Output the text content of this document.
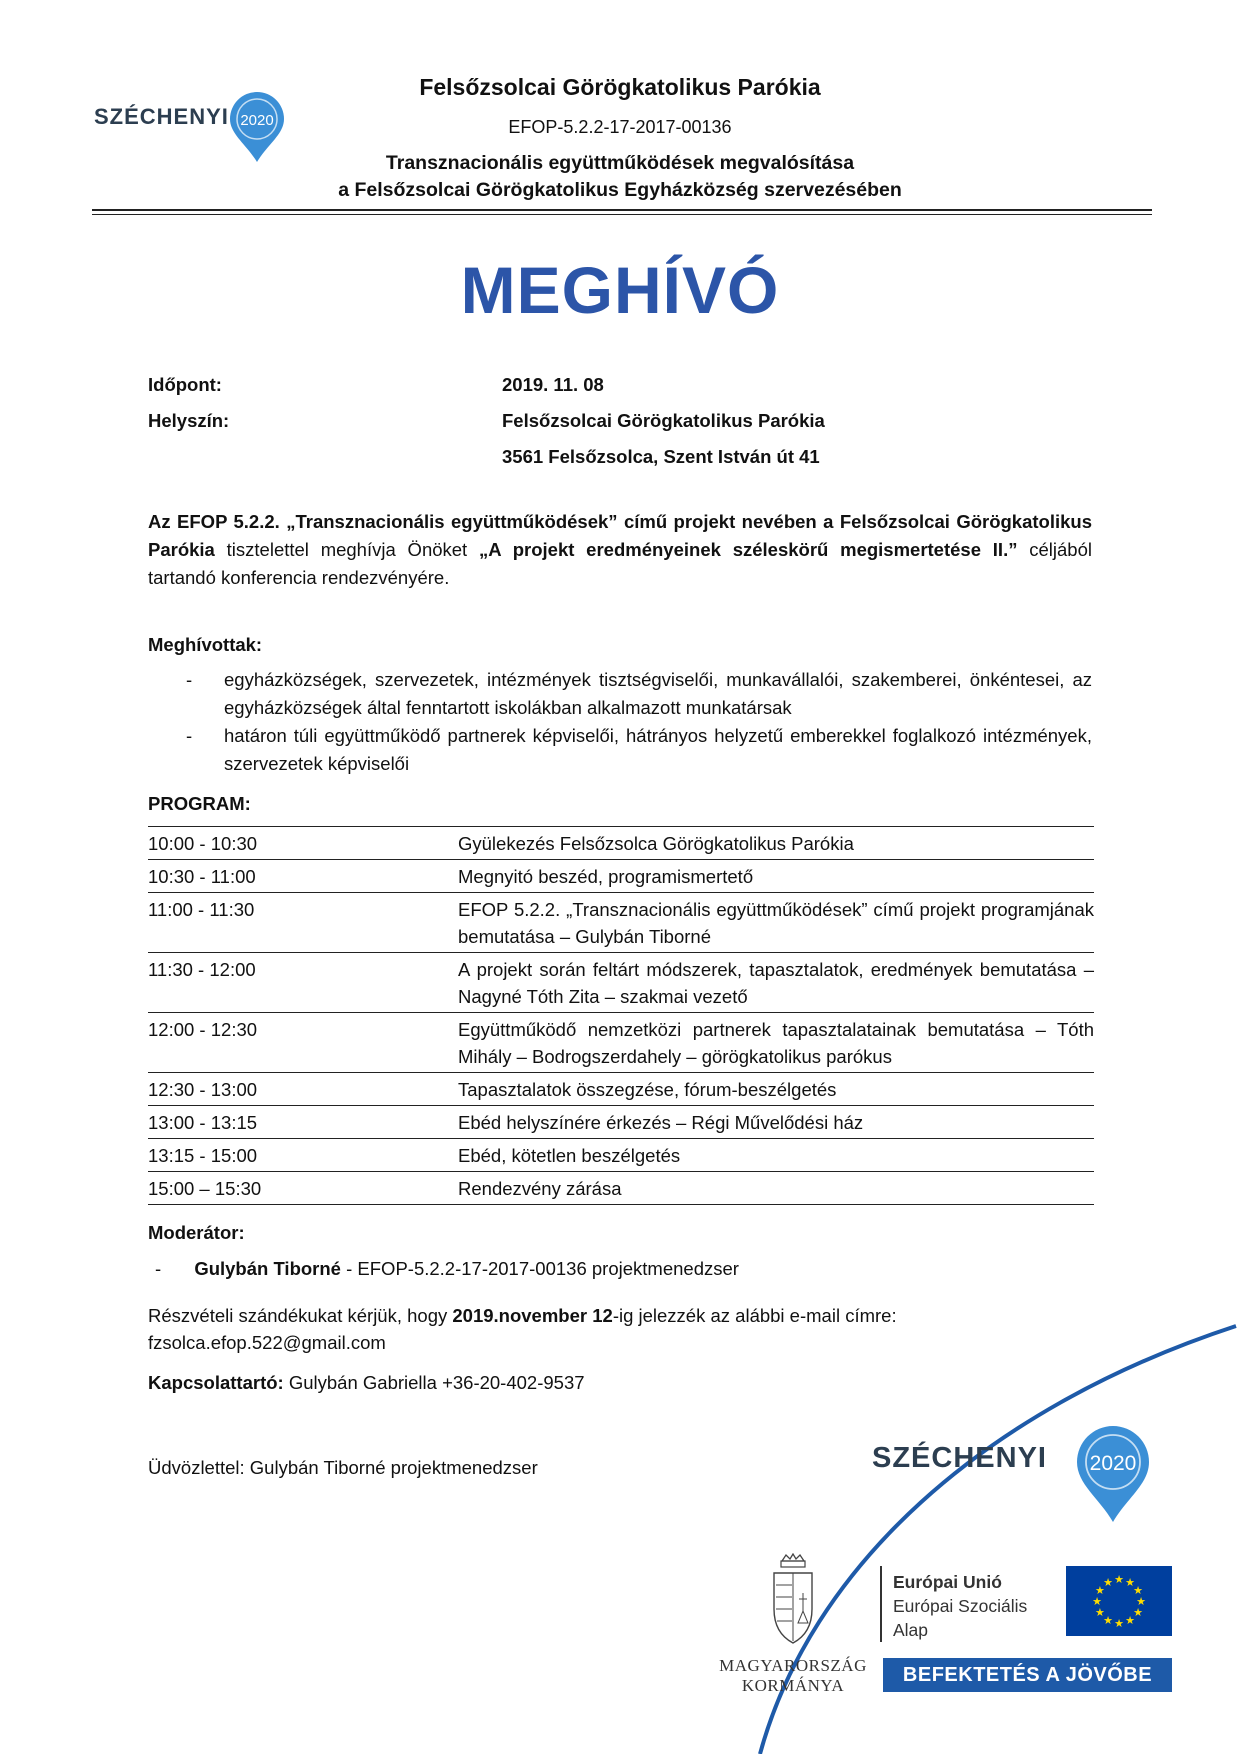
SZÉCHENYI 2020
Felsőzsolcai Görögkatolikus Parókia
EFOP-5.2.2-17-2017-00136
Transznacionális együttműködések megvalósítása
a Felsőzsolcai Görögkatolikus Egyházközség szervezésében
MEGHÍVÓ
Időpont:	2019. 11. 08
Helyszín:	Felsőzsolcai Görögkatolikus Parókia
3561 Felsőzsolca, Szent István út 41
Az EFOP 5.2.2. „Transznacionális együttműködések” című projekt nevében a Felsőzsolcai Görögkatolikus Parókia tisztelettel meghívja Önöket „A projekt eredményeinek széleskörű megismertetése II.” céljából tartandó konferencia rendezvényére.
Meghívottak:
- egyházközségek, szervezetek, intézmények tisztségviselői, munkavállalói, szakemberei, önkéntesei, az egyházközségek által fenntartott iskolákban alkalmazott munkatársak
- határon túli együttműködő partnerek képviselői, hátrányos helyzetű emberekkel foglalkozó intézmények, szervezetek képviselői
PROGRAM:
10:00 - 10:30	Gyülekezés Felsőzsolca Görögkatolikus Parókia
10:30 - 11:00	Megnyitó beszéd, programismertető
11:00 - 11:30	EFOP 5.2.2. „Transznacionális együttműködések” című projekt programjának bemutatása – Gulybán Tiborné
11:30 - 12:00	A projekt során feltárt módszerek, tapasztalatok, eredmények bemutatása – Nagyné Tóth Zita – szakmai vezető
12:00 - 12:30	Együttműködő nemzetközi partnerek tapasztalatainak bemutatása – Tóth Mihály – Bodrogszerdahely – görögkatolikus parókus
12:30 - 13:00	Tapasztalatok összegzése, fórum-beszélgetés
13:00 - 13:15	Ebéd helyszínére érkezés – Régi Művelődési ház
13:15 - 15:00	Ebéd, kötetlen beszélgetés
15:00 – 15:30	Rendezvény zárása
Moderátor:
- Gulybán Tiborné - EFOP-5.2.2-17-2017-00136 projektmenedzser
Részvételi szándékukat kérjük, hogy 2019.november 12-ig jelezzék az alábbi e-mail címre: fzsolca.efop.522@gmail.com
Kapcsolattartó: Gulybán Gabriella +36-20-402-9537
Üdvözlettel: Gulybán Tiborné projektmenedzser	SZÉCHENYI 2020
MAGYARORSZÁG
KORMÁNYA
Európai Unió
Európai Szociális
Alap
★
★
★
★
★
★
★
★
★ ★ ★
★
BEFEKTETÉS A JÖVŐBE
